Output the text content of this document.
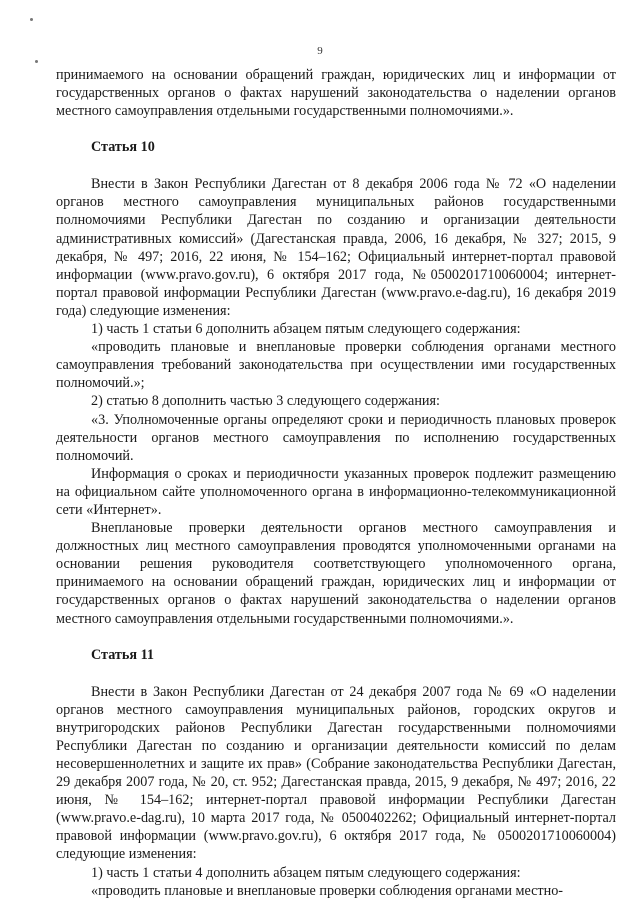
9

принимаемого на основании обращений граждан, юридических лиц и информации от государственных органов о фактах нарушений законодательства о наделении органов местного самоуправления отдельными государственными полномочиями.».

Статья 10

Внести в Закон Республики Дагестан от 8 декабря 2006 года № 72 «О наделении органов местного самоуправления муниципальных районов государственными полномочиями Республики Дагестан по созданию и организации деятельности административных комиссий» (Дагестанская правда, 2006, 16 декабря, № 327; 2015, 9 декабря, № 497; 2016, 22 июня, № 154–162; Официальный интернет-портал правовой информации (www.pravo.gov.ru), 6 октября 2017 года, №0500201710060004; интернет-портал правовой информации Республики Дагестан (www.pravo.e-dag.ru), 16 декабря 2019 года) следующие изменения:

1) часть 1 статьи 6 дополнить абзацем пятым следующего содержания:

«проводить плановые и внеплановые проверки соблюдения органами местного самоуправления требований законодательства при осуществлении ими государственных полномочий.»;

2) статью 8 дополнить частью 3 следующего содержания:

«3. Уполномоченные органы определяют сроки и периодичность плановых проверок деятельности органов местного самоуправления по исполнению государственных полномочий.

Информация о сроках и периодичности указанных проверок подлежит размещению на официальном сайте уполномоченного органа в информационно-телекоммуникационной сети «Интернет».

Внеплановые проверки деятельности органов местного самоуправления и должностных лиц местного самоуправления проводятся уполномоченными органами на основании решения руководителя соответствующего уполномоченного органа, принимаемого на основании обращений граждан, юридических лиц и информации от государственных органов о фактах нарушений законодательства о наделении органов местного самоуправления отдельными государственными полномочиями.».

Статья 11

Внести в Закон Республики Дагестан от 24 декабря 2007 года № 69 «О наделении органов местного самоуправления муниципальных районов, городских округов и внутригородских районов Республики Дагестан государственными полномочиями Республики Дагестан по созданию и организации деятельности комиссий по делам несовершеннолетних и защите их прав» (Собрание законодательства Республики Дагестан, 29 декабря 2007 года, № 20, ст. 952; Дагестанская правда, 2015, 9 декабря, № 497; 2016, 22 июня, № 154–162; интернет-портал правовой информации Республики Дагестан (www.pravo.e-dag.ru), 10 марта 2017 года, № 0500402262; Официальный интернет-портал правовой информации (www.pravo.gov.ru), 6 октября 2017 года, № 0500201710060004) следующие изменения:

1) часть 1 статьи 4 дополнить абзацем пятым следующего содержания:

«проводить плановые и внеплановые проверки соблюдения органами местно-
